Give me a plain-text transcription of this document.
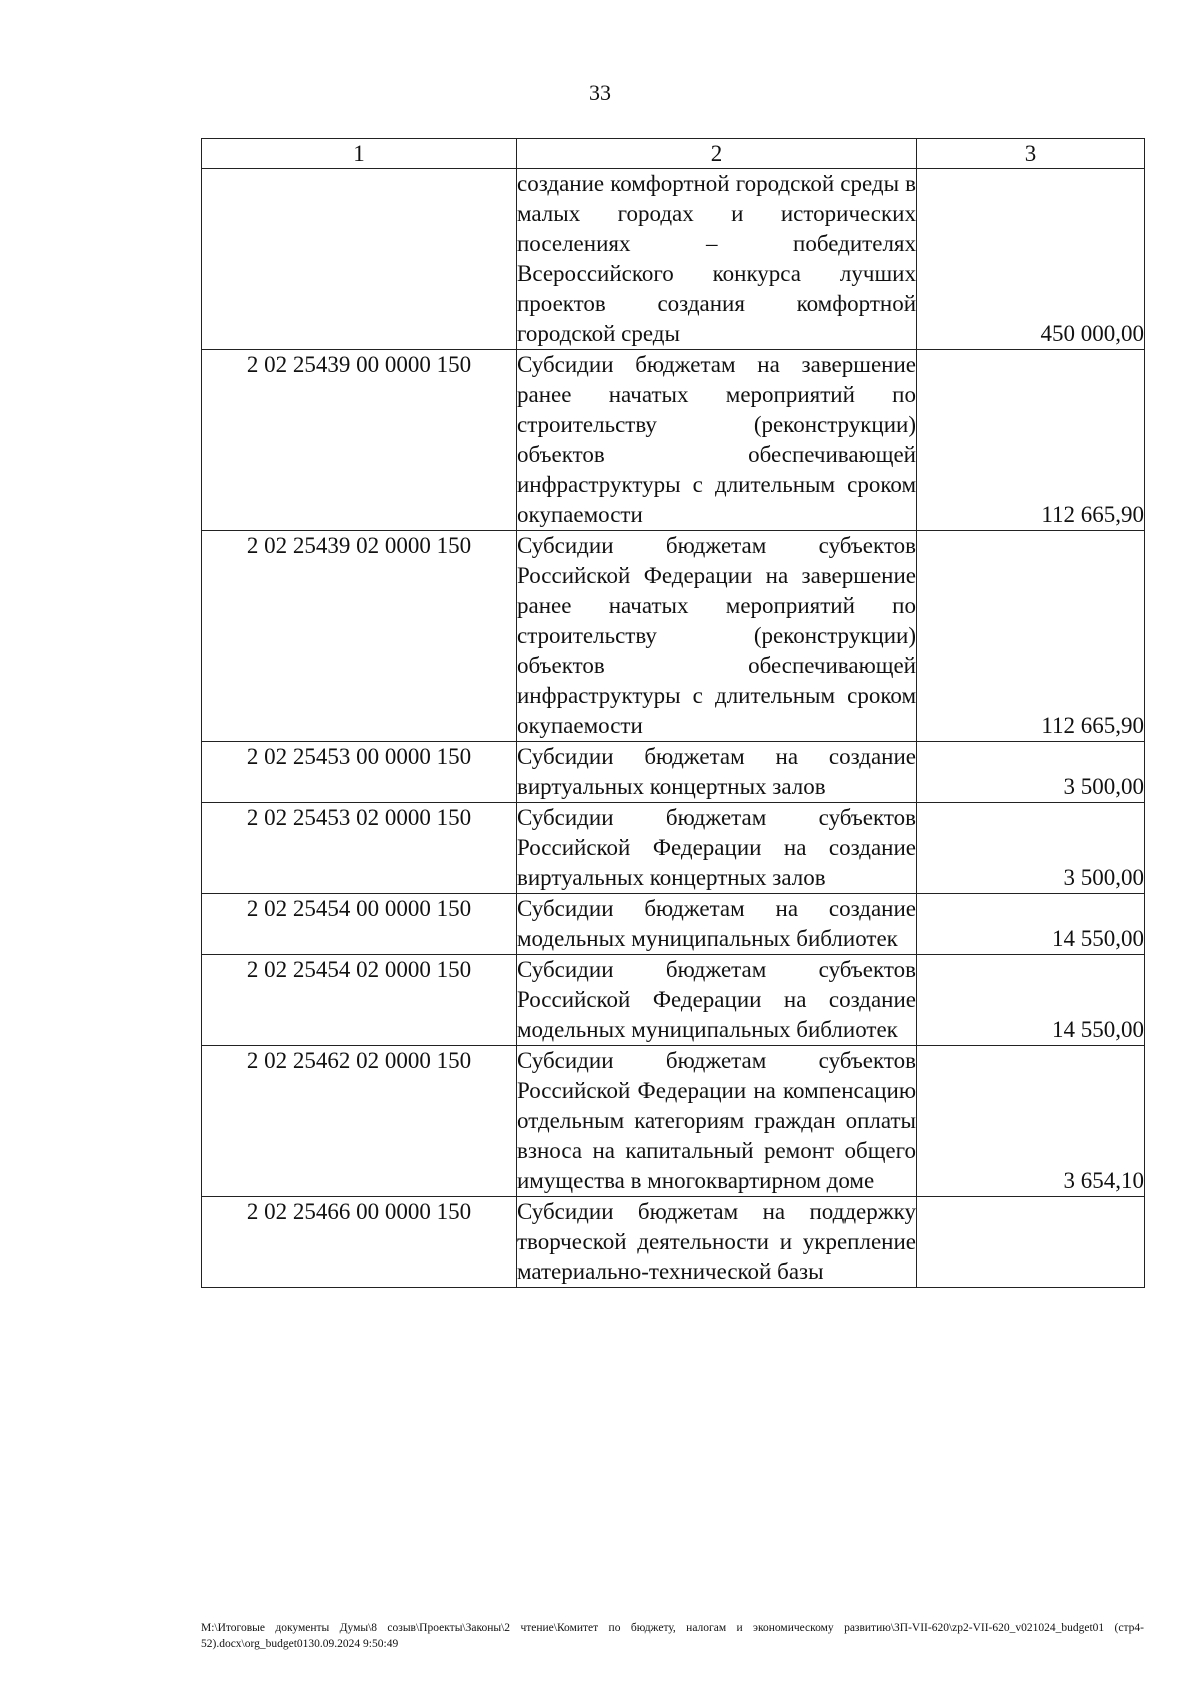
33
1	2	3
	создание комфортной городской среды в малых городах и исторических поселениях – победителях Всероссийского конкурса лучших проектов создания комфортной городской среды	450 000,00
2 02 25439 00 0000 150	Субсидии бюджетам на завершение ранее начатых мероприятий по строительству (реконструкции) объектов обеспечивающей инфраструктуры с длительным сроком окупаемости	112 665,90
2 02 25439 02 0000 150	Субсидии бюджетам субъектов Российской Федерации на завершение ранее начатых мероприятий по строительству (реконструкции) объектов обеспечивающей инфраструктуры с длительным сроком окупаемости	112 665,90
2 02 25453 00 0000 150	Субсидии бюджетам на создание виртуальных концертных залов	3 500,00
2 02 25453 02 0000 150	Субсидии бюджетам субъектов Российской Федерации на создание виртуальных концертных залов	3 500,00
2 02 25454 00 0000 150	Субсидии бюджетам на создание модельных муниципальных библиотек	14 550,00
2 02 25454 02 0000 150	Субсидии бюджетам субъектов Российской Федерации на создание модельных муниципальных библиотек	14 550,00
2 02 25462 02 0000 150	Субсидии бюджетам субъектов Российской Федерации на компенсацию отдельным категориям граждан оплаты взноса на капитальный ремонт общего имущества в многоквартирном доме	3 654,10
2 02 25466 00 0000 150	Субсидии бюджетам на поддержку творческой деятельности и укрепление материально-технической базы	
М:\Итоговые документы Думы\8 созыв\Проекты\Законы\2 чтение\Комитет по бюджету, налогам и экономическому развитию\ЗП-VII-620\zp2-VII-620_v021024_budget01 (стр4-52).docx\org_budget0130.09.2024 9:50:49
